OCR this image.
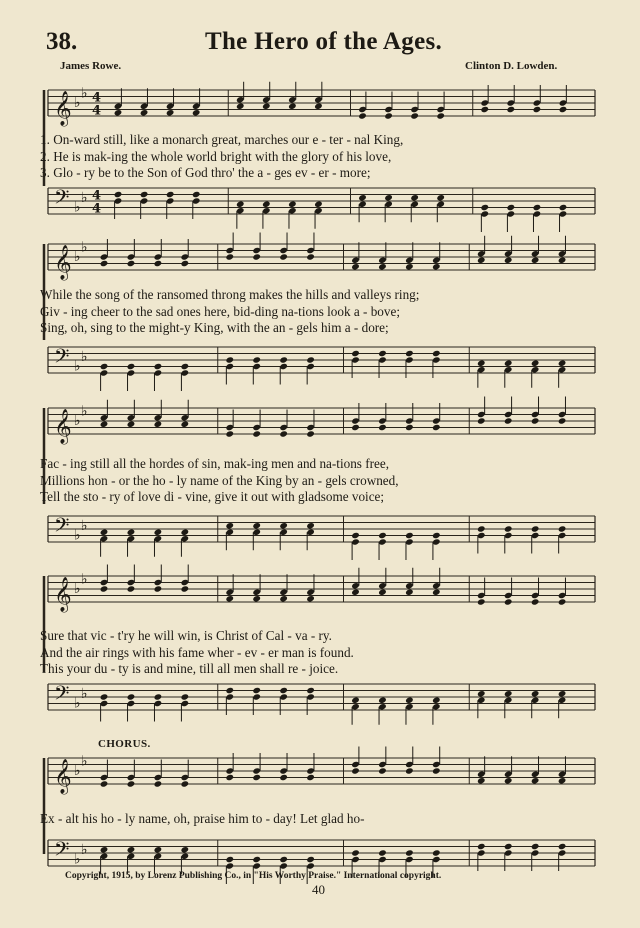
38.	The Hero of the Ages.
James Rowe.	Clinton D. Lowden.
𝄞 ♭
♭ 4
4
1. On-ward still, like a monarch great, marches our e - ter - nal King,
2. He is mak-ing the whole world bright with the glory of his love,
3. Glo - ry be to the Son of God thro' the a - ges ev - er - more;
𝄢 ♭
♭ 4
4
𝄞 ♭
♭
While the song of the ransomed throng makes the hills and valleys ring;
Giv - ing cheer to the sad ones here, bid-ding na-tions look a - bove;
Sing, oh, sing to the might-y King, with the an - gels him a - dore;
𝄢 ♭
♭
𝄞 ♭
♭
Fac - ing still all the hordes of sin, mak-ing men and na-tions free,
Millions hon - or the ho - ly name of the King by an - gels crowned,
Tell the sto - ry of love di - vine, give it out with gladsome voice;
𝄢 ♭
♭
𝄞 ♭
♭
Sure that vic - t'ry he will win, is Christ of Cal - va - ry.
And the air rings with his fame wher - ev - er man is found.
This your du - ty is and mine, till all men shall re - joice.
𝄢 ♭
♭
CHORUS.
𝄞 ♭
♭
Ex - alt his ho - ly name, oh, praise him to - day! Let glad ho-
𝄢 ♭
♭
Copyright, 1915, by Lorenz Publishing Co., in "His Worthy Praise." International copyright.
40
